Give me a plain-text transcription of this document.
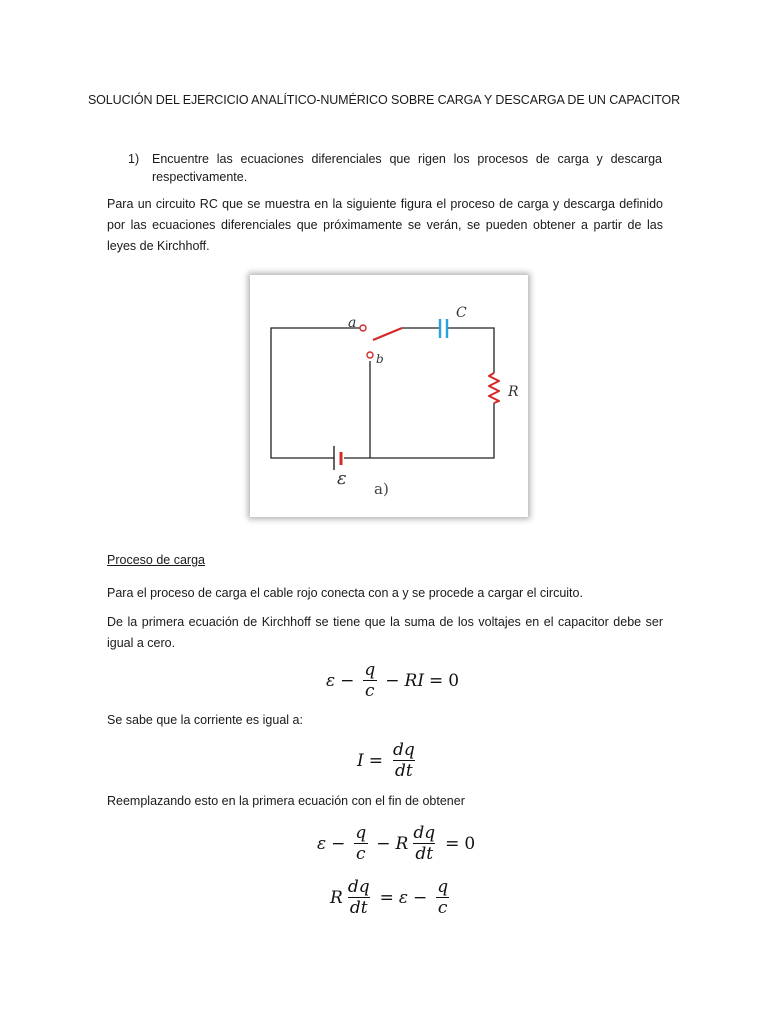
SOLUCIÓN DEL EJERCICIO ANALÍTICO-NUMÉRICO SOBRE CARGA Y DESCARGA DE UN CAPACITOR
1)	Encuentre las ecuaciones diferenciales que rigen los procesos de carga y descarga respectivamente.
Para un circuito RC que se muestra en la siguiente figura el proceso de carga y descarga definido por las ecuaciones diferenciales que próximamente se verán, se pueden obtener a partir de las leyes de Kirchhoff.
a
b
C
R
ε a)
Proceso de carga
Para el proceso de carga el cable rojo conecta con a y se procede a cargar el circuito.
De la primera ecuación de Kirchhoff se tiene que la suma de los voltajes en el capacitor debe ser igual a cero.
$\varepsilon - \frac{q}{c}$ − RI = 0
Se sabe que la corriente es igual a:
$I = \frac{dq}{dt}$
Reemplazando esto en la primera ecuación con el fin de obtener
$\varepsilon - \frac{q}{c} - R \frac{dq}{dt} = 0$
R $\frac{dq}{dt} = \varepsilon - \frac{q}{c}$
